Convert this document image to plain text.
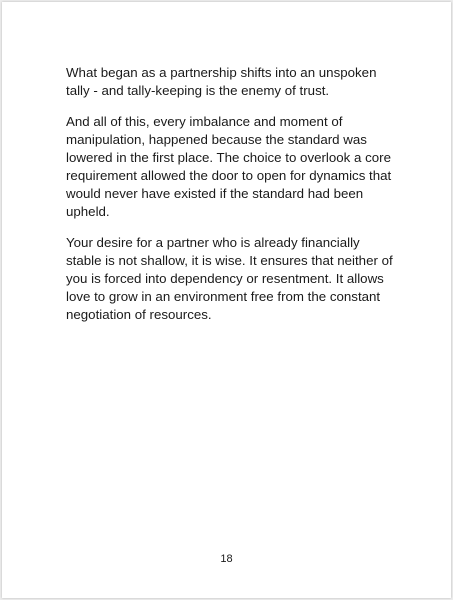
What began as a partnership shifts into an unspoken tally - and tally-keeping is the enemy of trust.

And all of this, every imbalance and moment of manipulation, happened because the standard was lowered in the first place. The choice to overlook a core requirement allowed the door to open for dynamics that would never have existed if the standard had been upheld.

Your desire for a partner who is already financially stable is not shallow, it is wise. It ensures that neither of you is forced into dependency or resentment. It allows love to grow in an environment free from the constant negotiation of resources.

18
